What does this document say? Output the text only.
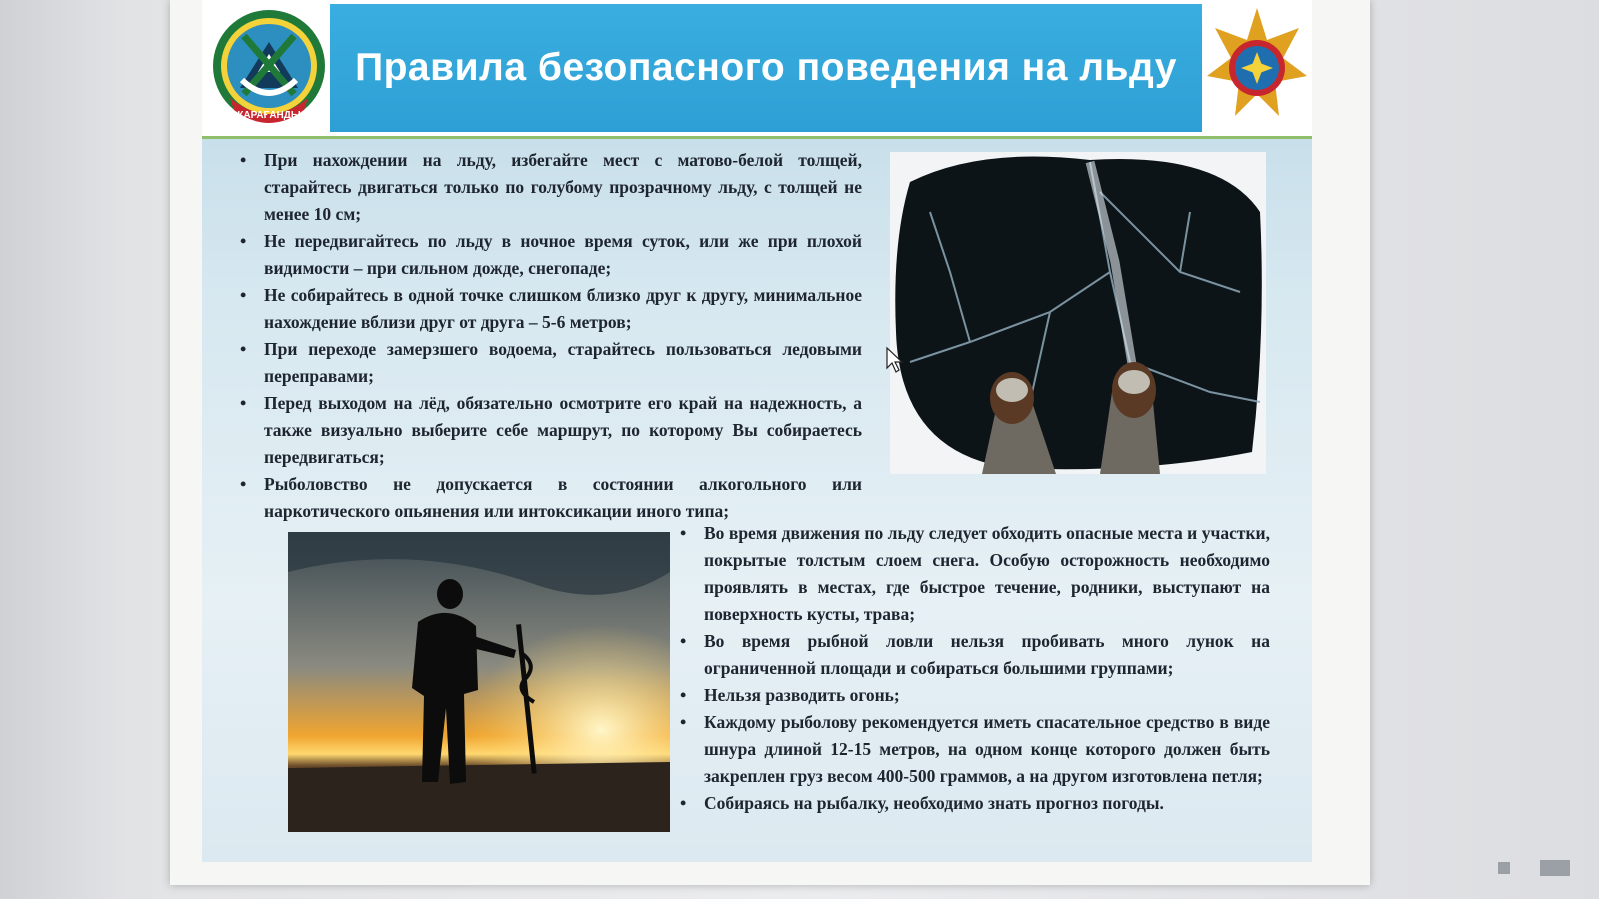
ҚАРАҒАНДЫ
Правила безопасного поведения на льду
• При нахождении на льду, избегайте мест с матово-белой толщей, старайтесь двигаться только по голубому прозрачному льду, с толщей не менее 10 см;
• Не передвигайтесь по льду в ночное время суток, или же при плохой видимости – при сильном дожде, снегопаде;
• Не собирайтесь в одной точке слишком близко друг к другу, минимальное нахождение вблизи друг от друга – 5-6 метров;
• При переходе замерзшего водоема, старайтесь пользоваться ледовыми переправами;
• Перед выходом на лёд, обязательно осмотрите его край на надежность, а также визуально выберите себе маршрут, по которому Вы собираетесь передвигаться;
• Рыболовство не допускается в состоянии алкогольного или наркотического опьянения или интоксикации иного типа;
• Во время движения по льду следует обходить опасные места и участки, покрытые толстым слоем снега. Особую осторожность необходимо проявлять в местах, где быстрое течение, родники, выступают на поверхность кусты, трава;
• Во время рыбной ловли нельзя пробивать много лунок на ограниченной площади и собираться большими группами;
• Нельзя разводить огонь;
• Каждому рыболову рекомендуется иметь спасательное средство в виде шнура длиной 12-15 метров, на одном конце которого должен быть закреплен груз весом 400-500 граммов, а на другом изготовлена петля;
• Собираясь на рыбалку, необходимо знать прогноз погоды.
